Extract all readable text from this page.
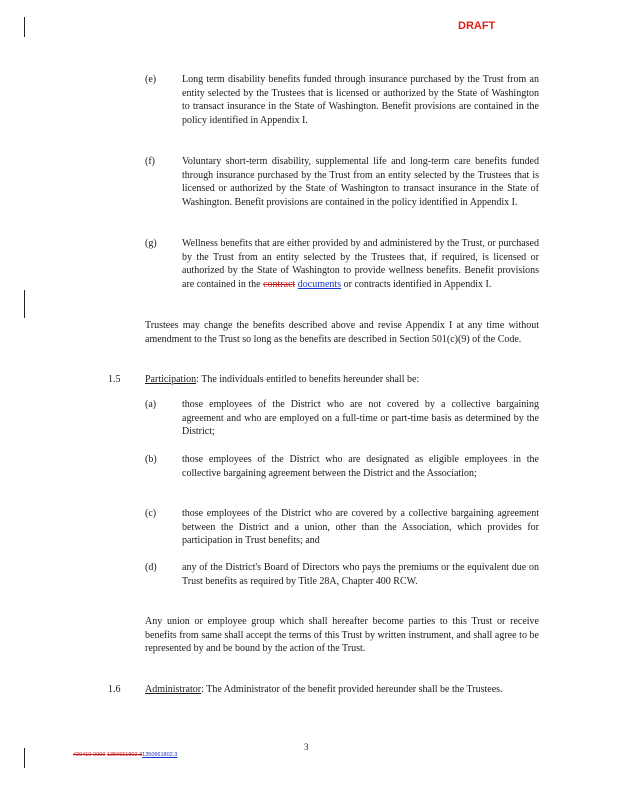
DRAFT
(e)	Long term disability benefits funded through insurance purchased by the Trust from an entity selected by the Trustees that is licensed or authorized by the State of Washington to transact insurance in the State of Washington. Benefit provisions are contained in the policy identified in Appendix I.
(f)	Voluntary short-term disability, supplemental life and long-term care benefits funded through insurance purchased by the Trust from an entity selected by the Trustees that is licensed or authorized by the State of Washington to transact insurance in the State of Washington. Benefit provisions are contained in the policy identified in Appendix I.
(g)	Wellness benefits that are either provided by and administered by the Trust, or purchased by the Trust from an entity selected by the Trustees that, if required, is licensed or authorized by the State of Washington to provide wellness benefits. Benefit provisions are contained in the contract documents or contracts identified in Appendix I.
Trustees may change the benefits described above and revise Appendix I at any time without amendment to the Trust so long as the benefits are described in Section 501(c)(9) of the Code.
1.5 Participation: The individuals entitled to benefits hereunder shall be:
(a)	those employees of the District who are not covered by a collective bargaining agreement and who are employed on a full-time or part-time basis as determined by the District;
(b)	those employees of the District who are designated as eligible employees in the collective bargaining agreement between the District and the Association;
(c)	those employees of the District who are covered by a collective bargaining agreement between the District and a union, other than the Association, which provides for participation in Trust benefits; and
(d)	any of the District's Board of Directors who pays the premiums or the equivalent due on Trust benefits as required by Title 28A, Chapter 400 RCW.
Any union or employee group which shall hereafter become parties to this Trust or receive benefits from same shall accept the terms of this Trust by written instrument, and shall agree to be represented by and be bound by the action of the Trust.
1.6 Administrator: The Administrator of the benefit provided hereunder shall be the Trustees.
3
#29410-0000 1350661802.31350661802.3
